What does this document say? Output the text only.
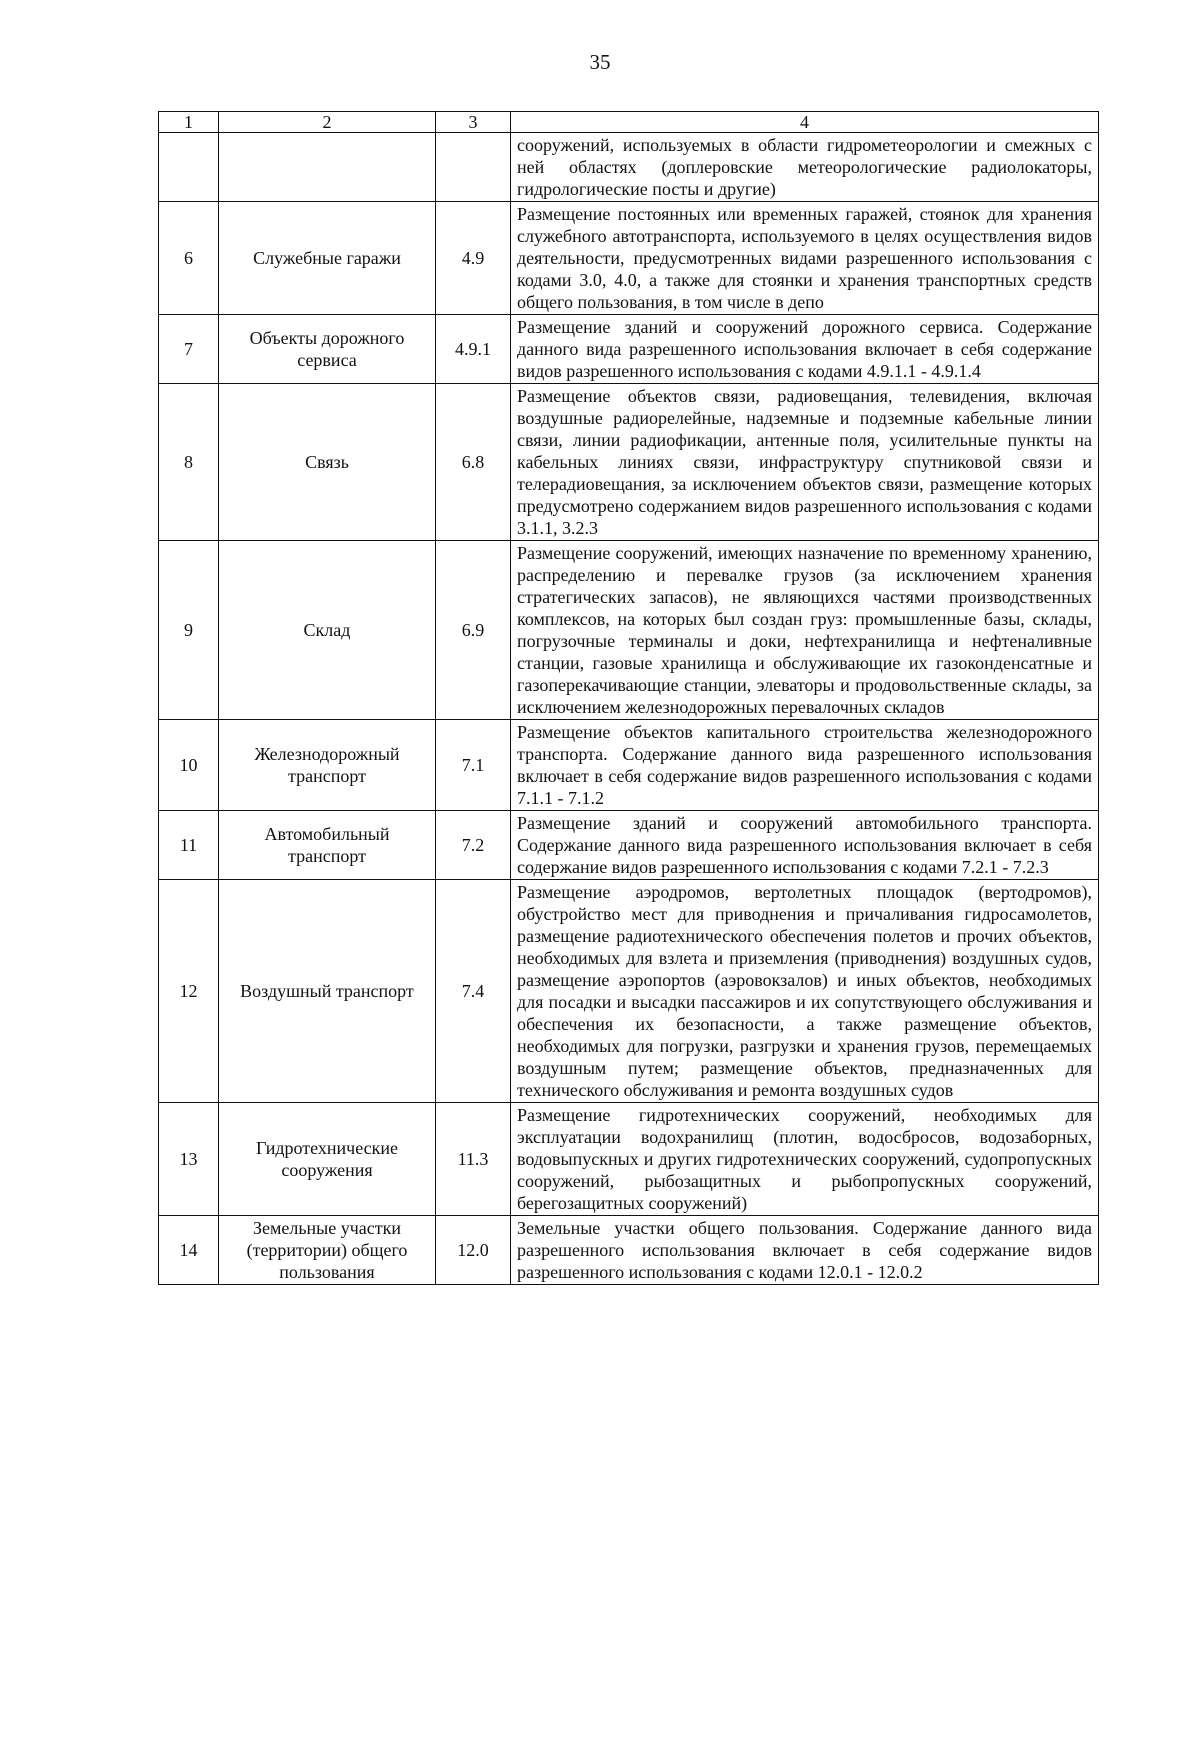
35
1	2	3	4
			сооружений, используемых в области гидрометеорологии и смежных с ней областях (доплеровские метеорологические радиолокаторы, гидрологические посты и другие)
6	Служебные гаражи	4.9	Размещение постоянных или временных гаражей, стоянок для хранения служебного автотранспорта, используемого в целях осуществления видов деятельности, предусмотренных видами разрешенного использования с кодами 3.0, 4.0, а также для стоянки и хранения транспортных средств общего пользования, в том числе в депо
7	Объекты дорожного сервиса	4.9.1	Размещение зданий и сооружений дорожного сервиса. Содержание данного вида разрешенного использования включает в себя содержание видов разрешенного использования с кодами 4.9.1.1 - 4.9.1.4
8	Связь	6.8	Размещение объектов связи, радиовещания, телевидения, включая воздушные радиорелейные, надземные и подземные кабельные линии связи, линии радиофикации, антенные поля, усилительные пункты на кабельных линиях связи, инфраструктуру спутниковой связи и телерадиовещания, за исключением объектов связи, размещение которых предусмотрено содержанием видов разрешенного использования с кодами 3.1.1, 3.2.3
9	Склад	6.9	Размещение сооружений, имеющих назначение по временному хранению, распределению и перевалке грузов (за исключением хранения стратегических запасов), не являющихся частями производственных комплексов, на которых был создан груз: промышленные базы, склады, погрузочные терминалы и доки, нефтехранилища и нефтеналивные станции, газовые хранилища и обслуживающие их газоконденсатные и газоперекачивающие станции, элеваторы и продовольственные склады, за исключением железнодорожных перевалочных складов
10	Железнодорожный транспорт	7.1	Размещение объектов капитального строительства железнодорожного транспорта. Содержание данного вида разрешенного использования включает в себя содержание видов разрешенного использования с кодами 7.1.1 - 7.1.2
11	Автомобильный транспорт	7.2	Размещение зданий и сооружений автомобильного транспорта. Содержание данного вида разрешенного использования включает в себя содержание видов разрешенного использования с кодами 7.2.1 - 7.2.3
12	Воздушный транспорт	7.4	Размещение аэродромов, вертолетных площадок (вертодромов), обустройство мест для приводнения и причаливания гидросамолетов, размещение радиотехнического обеспечения полетов и прочих объектов, необходимых для взлета и приземления (приводнения) воздушных судов, размещение аэропортов (аэровокзалов) и иных объектов, необходимых для посадки и высадки пассажиров и их сопутствующего обслуживания и обеспечения их безопасности, а также размещение объектов, необходимых для погрузки, разгрузки и хранения грузов, перемещаемых воздушным путем; размещение объектов, предназначенных для технического обслуживания и ремонта воздушных судов
13	Гидротехнические сооружения	11.3	Размещение гидротехнических сооружений, необходимых для эксплуатации водохранилищ (плотин, водосбросов, водозаборных, водовыпускных и других гидротехнических сооружений, судопропускных сооружений, рыбозащитных и рыбопропускных сооружений, берегозащитных сооружений)
14	Земельные участки (территории) общего пользования	12.0	Земельные участки общего пользования. Содержание данного вида разрешенного использования включает в себя содержание видов разрешенного использования с кодами 12.0.1 - 12.0.2
